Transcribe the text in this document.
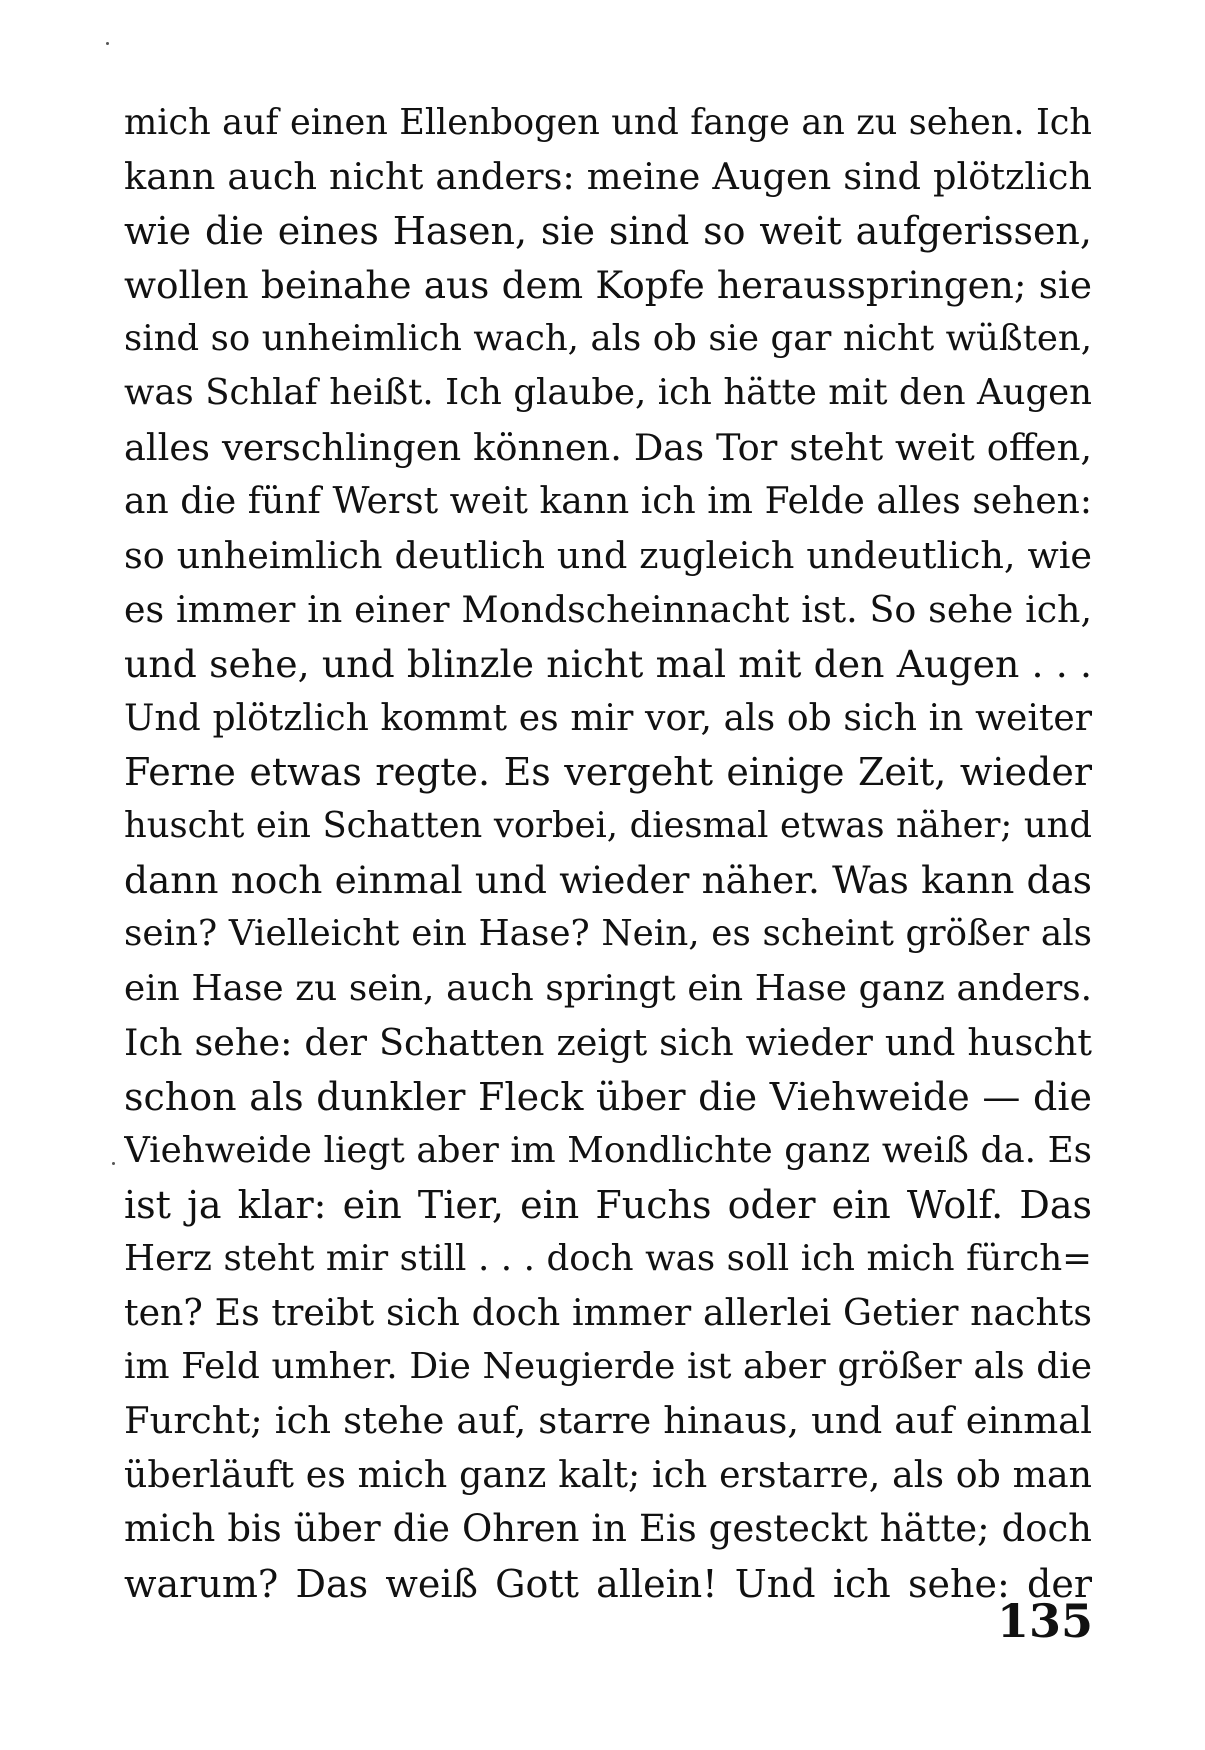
mich auf einen Ellenbogen und fange an zu sehen. Ich
kann auch nicht anders: meine Augen sind plötzlich
wie die eines Hasen, sie sind so weit aufgerissen,
wollen beinahe aus dem Kopfe herausspringen; sie
sind so unheimlich wach, als ob sie gar nicht wüßten,
was Schlaf heißt. Ich glaube, ich hätte mit den Augen
alles verschlingen können. Das Tor steht weit offen,
an die fünf Werst weit kann ich im Felde alles sehen:
so unheimlich deutlich und zugleich undeutlich, wie
es immer in einer Mondscheinnacht ist. So sehe ich,
und sehe, und blinzle nicht mal mit den Augen . . .
Und plötzlich kommt es mir vor, als ob sich in weiter
Ferne etwas regte. Es vergeht einige Zeit, wieder
huscht ein Schatten vorbei, diesmal etwas näher; und
dann noch einmal und wieder näher. Was kann das
sein? Vielleicht ein Hase? Nein, es scheint größer als
ein Hase zu sein, auch springt ein Hase ganz anders.
Ich sehe: der Schatten zeigt sich wieder und huscht
schon als dunkler Fleck über die Viehweide — die
Viehweide liegt aber im Mondlichte ganz weiß da. Es
ist ja klar: ein Tier, ein Fuchs oder ein Wolf. Das
Herz steht mir still . . . doch was soll ich mich fürch=
ten? Es treibt sich doch immer allerlei Getier nachts
im Feld umher. Die Neugierde ist aber größer als die
Furcht; ich stehe auf, starre hinaus, und auf einmal
überläuft es mich ganz kalt; ich erstarre, als ob man
mich bis über die Ohren in Eis gesteckt hätte; doch
warum? Das weiß Gott allein! Und ich sehe: der

135
